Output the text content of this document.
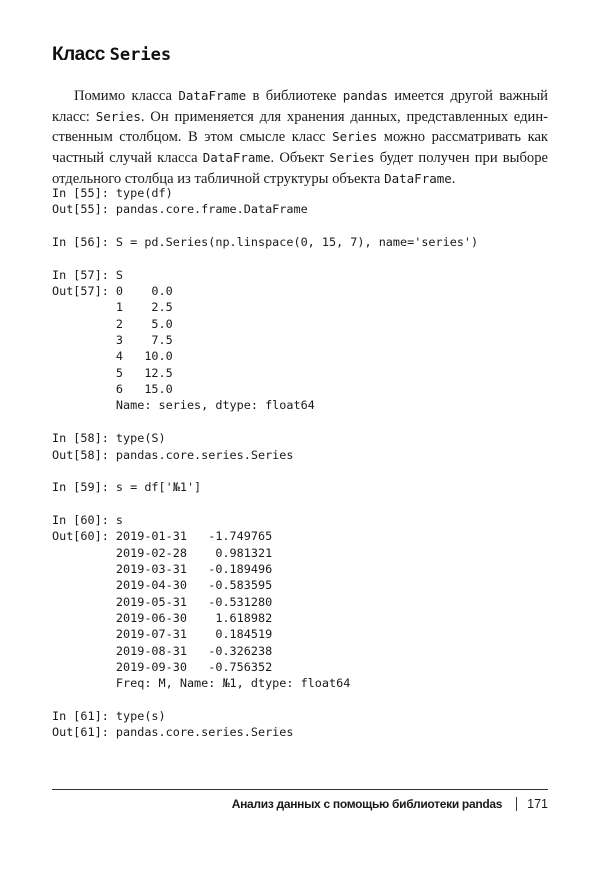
Класс Series
Помимо класса DataFrame в библиотеке pandas имеется другой важный
класс: Series. Он применяется для хранения данных, представленных един-
ственным столбцом. В этом смысле класс Series можно рассматривать как
частный случай класса DataFrame. Объект Series будет получен при выборе
отдельного столбца из табличной структуры объекта DataFrame.
In [55]: type(df)
Out[55]: pandas.core.frame.DataFrame
In [56]: S = pd.Series(np.linspace(0, 15, 7), name='series')
In [57]: S
Out[57]: 0    0.0
1    2.5
2    5.0
3    7.5
4   10.0
5   12.5
6   15.0
Name: series, dtype: float64
In [58]: type(S)
Out[58]: pandas.core.series.Series
In [59]: s = df['№1']
In [60]: s
Out[60]: 2019-01-31   -1.749765
2019-02-28    0.981321
2019-03-31   -0.189496
2019-04-30   -0.583595
2019-05-31   -0.531280
2019-06-30    1.618982
2019-07-31    0.184519
2019-08-31   -0.326238
2019-09-30   -0.756352
Freq: M, Name: №1, dtype: float64
In [61]: type(s)
Out[61]: pandas.core.series.Series
Анализ данных с помощью библиотеки pandas 171
